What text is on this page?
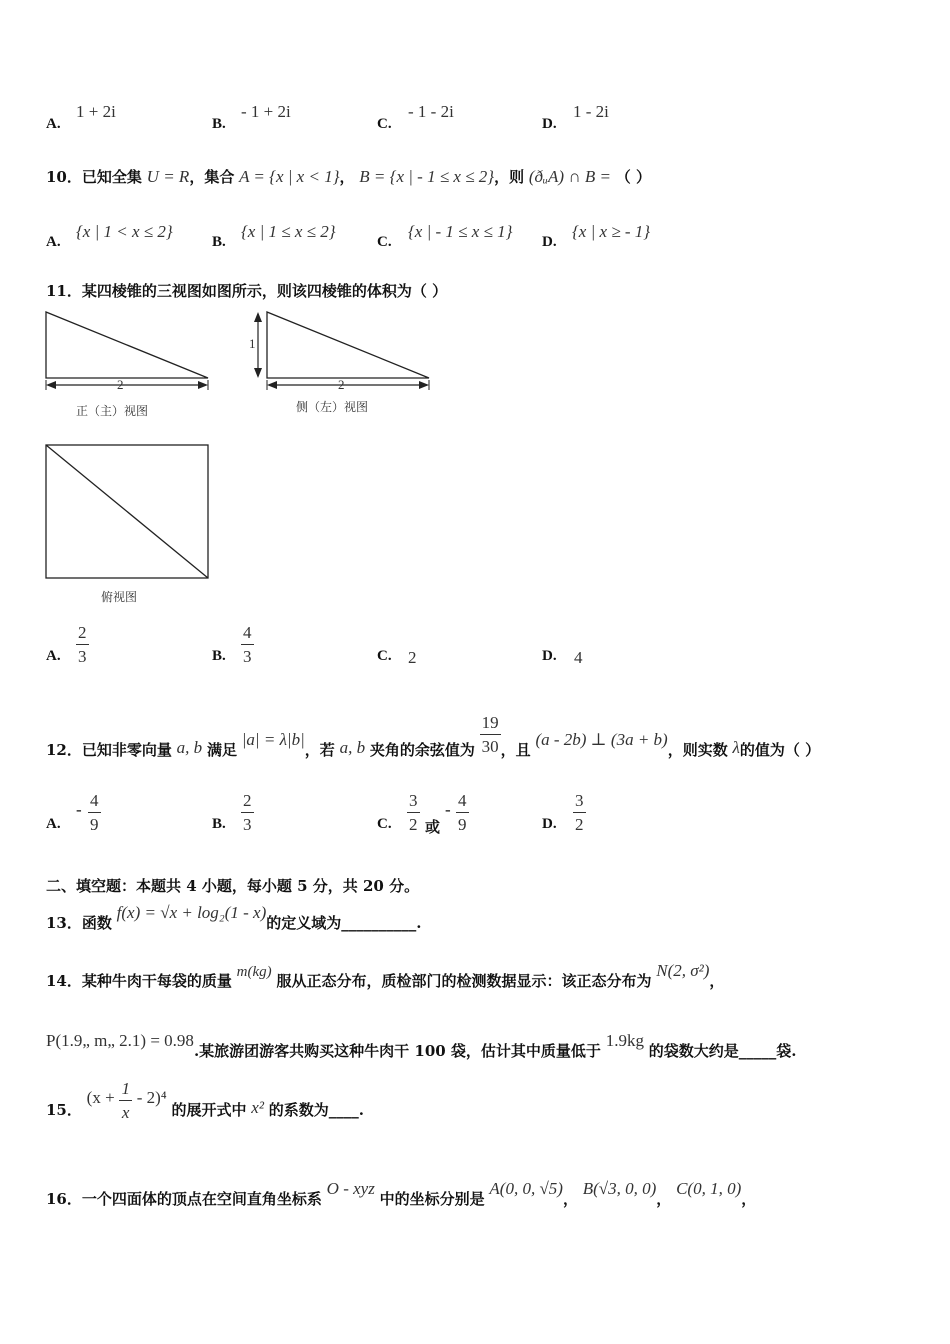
A.
1 + 2i
B.
- 1 + 2i
C.
- 1 - 2i
D.
1 - 2i
10．已知全集 U = R，集合 A = {x | x < 1}， B = {x | - 1 ≤ x ≤ 2}，则 (ðᵤA) ∩ B = （ ）
A.
{x | 1 < x ≤ 2}
B.
{x | 1 ≤ x ≤ 2}
C.
{x | - 1 ≤ x ≤ 1}
D.
{x | x ≥ - 1}
11．某四棱锥的三视图如图所示，则该四棱锥的体积为（ ）
2
1
2
正（主）视图	侧（左）视图
俯视图
A.
2
3	B.
4
3	C. 2	D. 4
12．已知非零向量 a, b 满足 |a| = λ|b|，若 a, b 夹角的余弦值为 $\frac{19}{30}$ ，且 (a - 2b) ⊥ (3a + b)，则实数 λ的值为（ ）
A.
- 4
9	B.
2
3	C.
3
2 或
- 4
9	D.
3
2
二、填空题：本题共 4 小题，每小题 5 分，共 20 分。
13．函数 f(x) = √x + log₂(1 - x)的定义域为__________.
14．某种牛肉干每袋的质量 m(kg) 服从正态分布，质检部门的检测数据显示：该正态分布为 N(2, σ²)，
P(1.9„ m„ 2.1) = 0.98.某旅游团游客共购买这种牛肉干 100 袋，估计其中质量低于 1.9kg 的袋数大约是_____袋.
15． $(x + \frac{1}{x} - 2)^4$ 的展开式中 x² 的系数为____.
16．一个四面体的顶点在空间直角坐标系 O - xyz 中的坐标分别是 A(0, 0, √5)， B(√3, 0, 0)， C(0, 1, 0)，
